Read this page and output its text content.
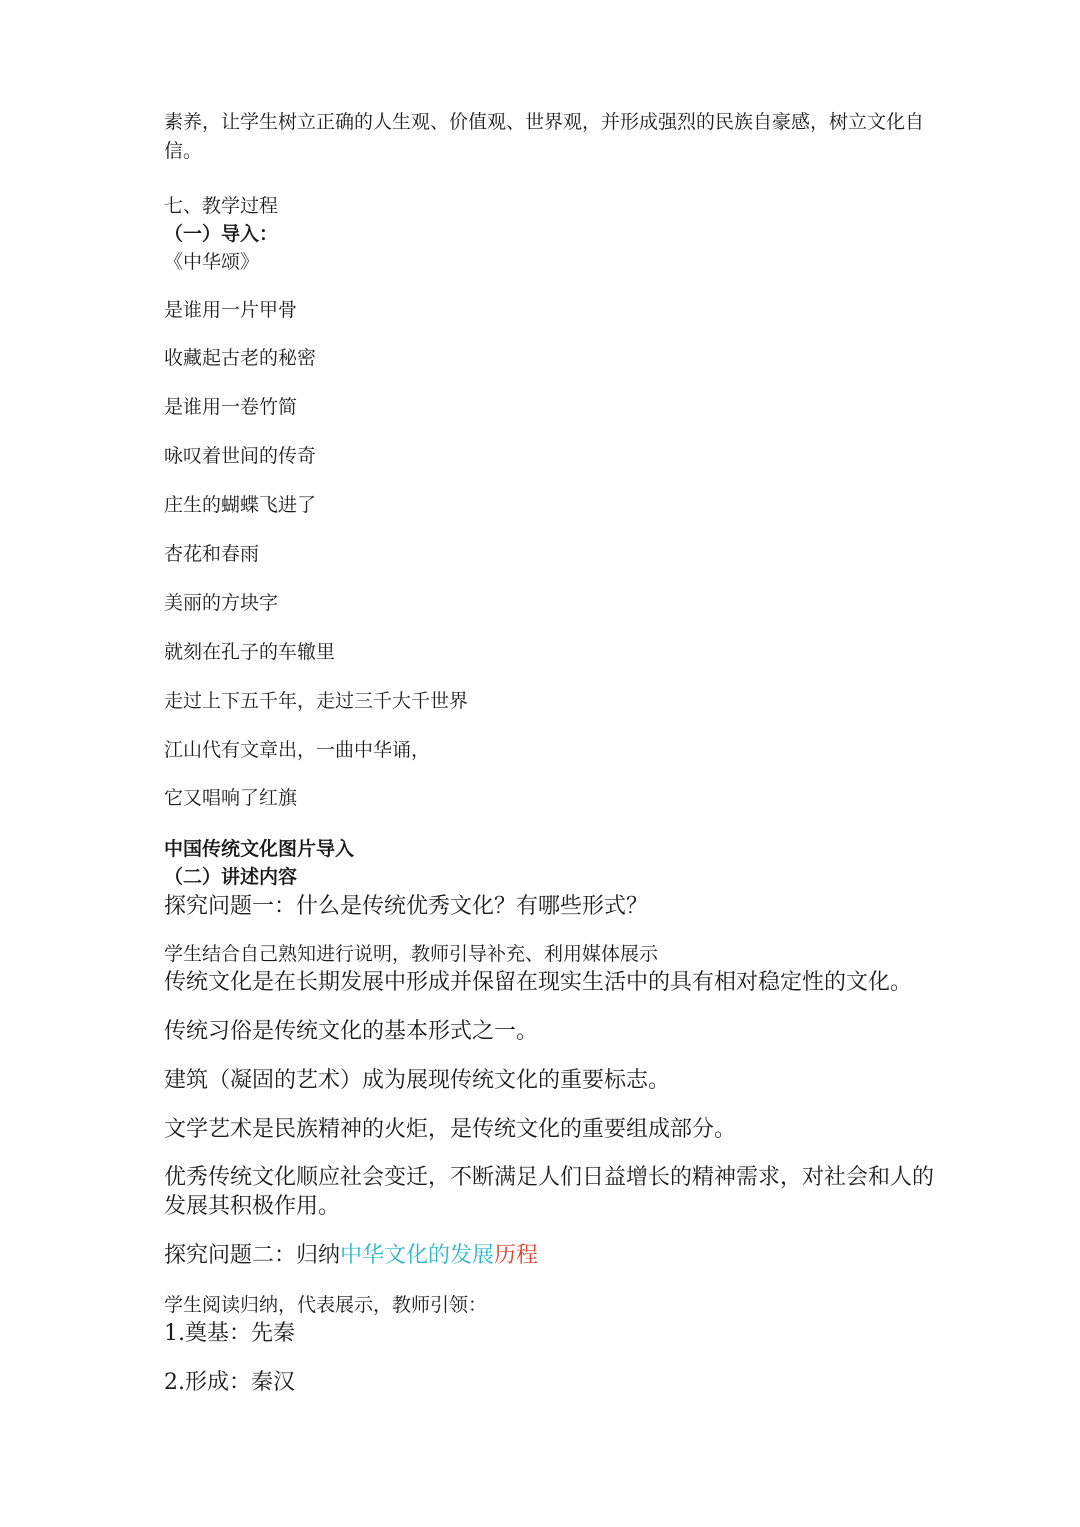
素养，让学生树立正确的人生观、价值观、世界观，并形成强烈的民族自豪感，树立文化自
信。
七、教学过程
（一）导入：
《中华颂》
是谁用一片甲骨
收藏起古老的秘密
是谁用一卷竹简
咏叹着世间的传奇
庄生的蝴蝶飞进了
杏花和春雨
美丽的方块字
就刻在孔子的车辙里
走过上下五千年，走过三千大千世界
江山代有文章出，一曲中华诵，
它又唱响了红旗
中国传统文化图片导入
（二）讲述内容
探究问题一：什么是传统优秀文化？有哪些形式？
学生结合自己熟知进行说明，教师引导补充、利用媒体展示
传统文化是在长期发展中形成并保留在现实生活中的具有相对稳定性的文化。
传统习俗是传统文化的基本形式之一。
建筑（凝固的艺术）成为展现传统文化的重要标志。
文学艺术是民族精神的火炬，是传统文化的重要组成部分。
优秀传统文化顺应社会变迁，不断满足人们日益增长的精神需求，对社会和人的
发展其积极作用。
探究问题二：归纳中华文化的发展历程
学生阅读归纳，代表展示，教师引领：
1.奠基：先秦
2.形成：秦汉
